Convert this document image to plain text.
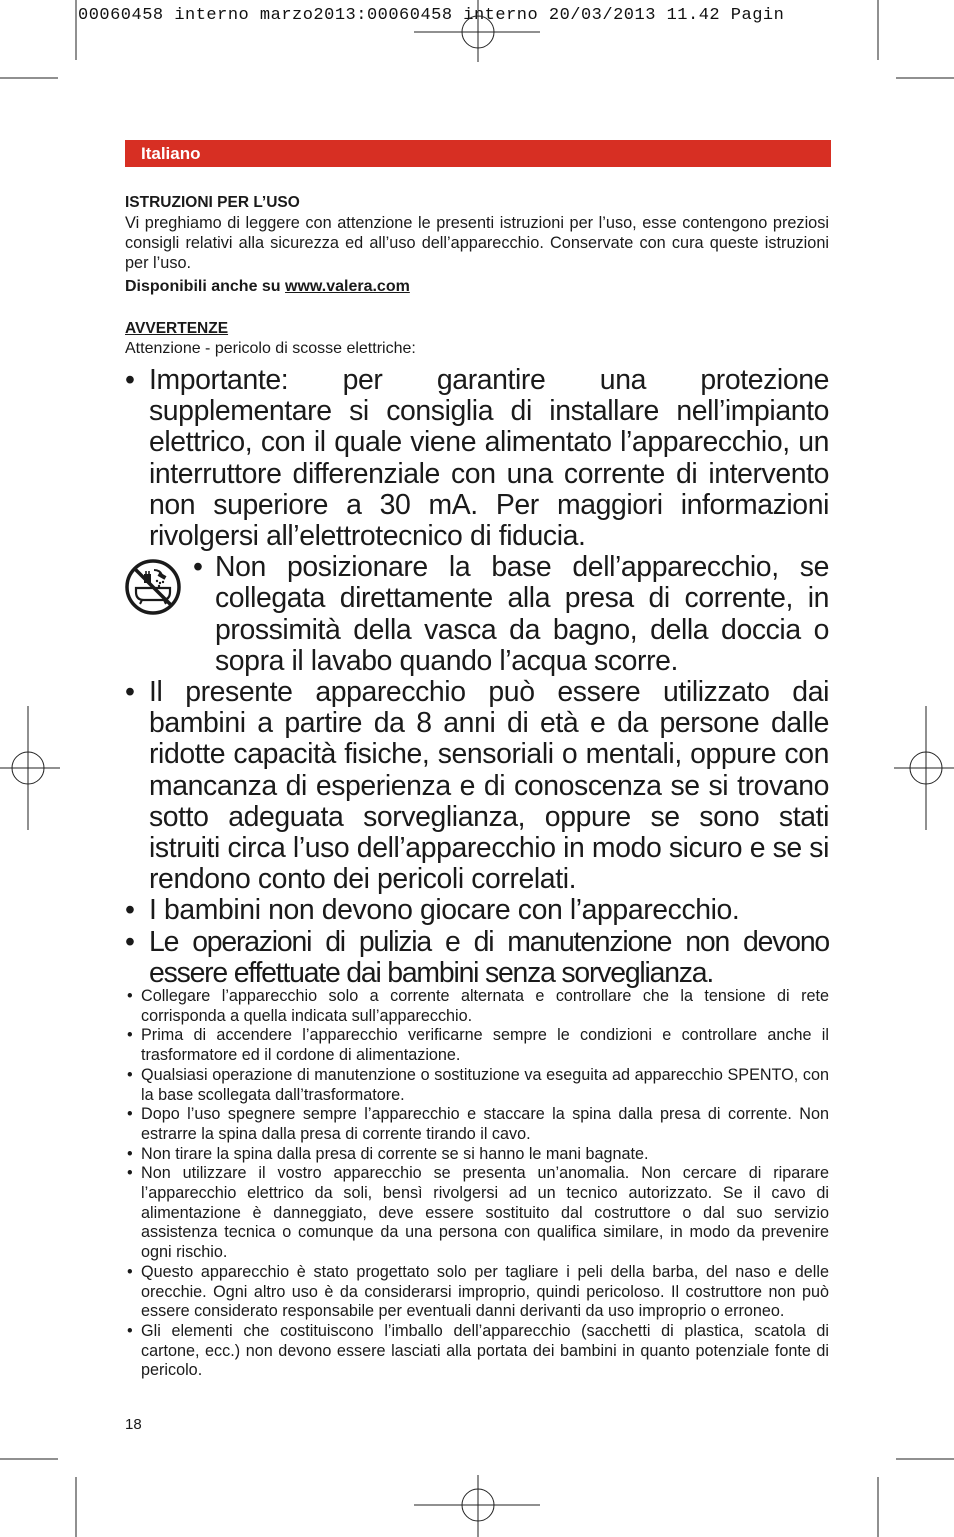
00060458 interno marzo2013:00060458 interno 20/03/2013 11.42 Pagin
Italiano
ISTRUZIONI PER L’USO
Vi preghiamo di leggere con attenzione le presenti istruzioni per l’uso, esse contengono preziosi consigli relativi alla sicurezza ed all’uso dell’apparecchio. Conservate con cura queste istruzioni per l’uso.
Disponibili anche su www.valera.com
AVVERTENZE
Attenzione - pericolo di scosse elettriche:
• Importante: per garantire una protezione supplementare si consiglia di installare nell’impianto elettrico, con il quale viene alimentato l’apparecchio, un interruttore differenziale con una corrente di intervento non superiore a 30 mA. Per maggiori informazioni rivolgersi all’elettrotecnico di fiducia.
• Non posizionare la base dell’apparecchio, se collegata direttamente alla presa di corrente, in prossimità della vasca da bagno, della doccia o sopra il lavabo quando l’acqua scorre.
• Il presente apparecchio può essere utilizzato dai bambini a partire da 8 anni di età e da persone dalle ridotte capacità fisiche, sensoriali o mentali, oppure con mancanza di esperienza e di conoscenza se si trovano sotto adeguata sorveglianza, oppure se sono stati istruiti circa l’uso dell’apparecchio in modo sicuro e se si rendono conto dei pericoli correlati.
• I bambini non devono giocare con l’apparecchio.
• Le operazioni di pulizia e di manutenzione non devono essere effettuate dai bambini senza sorveglianza.
• Collegare l’apparecchio solo a corrente alternata e controllare che la tensione di rete corrisponda a quella indicata sull’apparecchio.
• Prima di accendere l’apparecchio verificarne sempre le condizioni e controllare anche il trasformatore ed il cordone di alimentazione.
• Qualsiasi operazione di manutenzione o sostituzione va eseguita ad apparecchio SPENTO, con la base scollegata dall’trasformatore.
• Dopo l’uso spegnere sempre l’apparecchio e staccare la spina dalla presa di corrente. Non estrarre la spina dalla presa di corrente tirando il cavo.
• Non tirare la spina dalla presa di corrente se si hanno le mani bagnate.
• Non utilizzare il vostro apparecchio se presenta un’anomalia. Non cercare di riparare l’apparecchio elettrico da soli, bensì rivolgersi ad un tecnico autorizzato. Se il cavo di alimentazione è danneggiato, deve essere sostituito dal costruttore o dal suo servizio assistenza tecnica o comunque da una persona con qualifica similare, in modo da prevenire ogni rischio.
• Questo apparecchio è stato progettato solo per tagliare i peli della barba, del naso e delle orecchie. Ogni altro uso è da considerarsi improprio, quindi pericoloso. Il costruttore non può essere considerato responsabile per eventuali danni derivanti da uso improprio o erroneo.
• Gli elementi che costituiscono l’imballo dell’apparecchio (sacchetti di plastica, scatola di cartone, ecc.) non devono essere lasciati alla portata dei bambini in quanto potenziale fonte di pericolo.
18
